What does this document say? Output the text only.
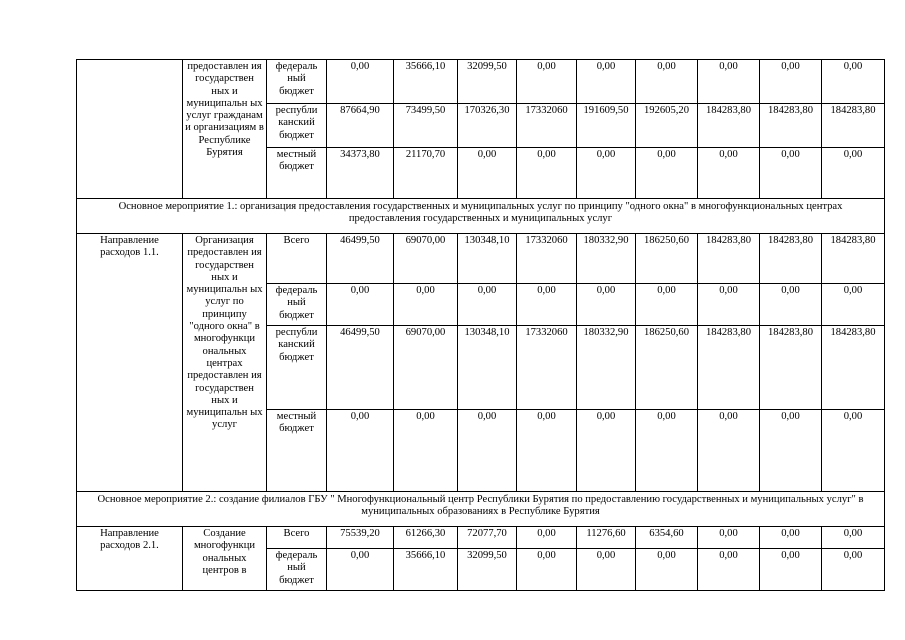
	предоставлен ия государствен ных и муниципальн ых услуг гражданам и организациям в Республике Бурятия	федераль ный бюджет	0,00	35666,10	32099,50	0,00	0,00	0,00	0,00	0,00	0,00
		республи канский бюджет	87664,90	73499,50	170326,30	17332060	191609,50	192605,20	184283,80	184283,80	184283,80
		местный бюджет	34373,80	21170,70	0,00	0,00	0,00	0,00	0,00	0,00	0,00
Основное мероприятие 1.: организация предоставления государственных и муниципальных услуг по принципу "одного окна" в многофункциональных центрах предоставления государственных и муниципальных услуг											
Направление расходов 1.1.	Организация предоставлен ия государствен ных и муниципальн ых услуг по принципу "одного окна" в многофункци ональных центрах предоставлен ия государствен ных и муниципальн ых услуг	Всего	46499,50	69070,00	130348,10	17332060	180332,90	186250,60	184283,80	184283,80	184283,80
		федераль ный бюджет	0,00	0,00	0,00	0,00	0,00	0,00	0,00	0,00	0,00
		республи канский бюджет	46499,50	69070,00	130348,10	17332060	180332,90	186250,60	184283,80	184283,80	184283,80
		местный бюджет	0,00	0,00	0,00	0,00	0,00	0,00	0,00	0,00	0,00
Основное мероприятие 2.: создание филиалов ГБУ " Многофункциональный центр Республики Бурятия по предоставлению государственных и муниципальных услуг" в муниципальных образованиях в Республике Бурятия											
Направление расходов 2.1.	Создание многофункци ональных центров в	Всего	75539,20	61266,30	72077,70	0,00	11276,60	6354,60	0,00	0,00	0,00
		федераль ный бюджет	0,00	35666,10	32099,50	0,00	0,00	0,00	0,00	0,00	0,00
